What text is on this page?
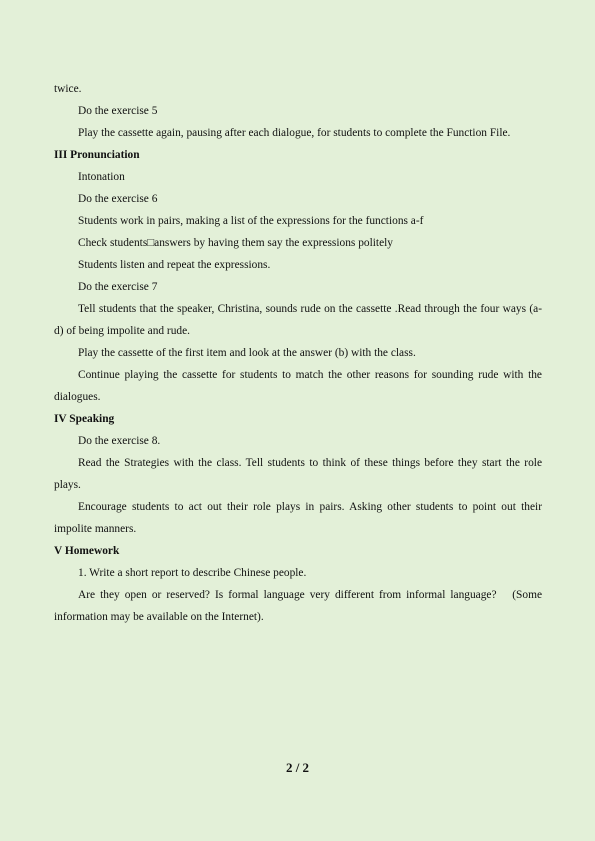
twice.

Do the exercise 5

Play the cassette again, pausing after each dialogue, for students to complete the Function File.

III Pronunciation

Intonation

Do the exercise 6

Students work in pairs, making a list of the expressions for the functions a-f

Check students□answers by having them say the expressions politely

Students listen and repeat the expressions.

Do the exercise 7

Tell students that the speaker, Christina, sounds rude on the cassette .Read through the four ways (a-d) of being impolite and rude.

Play the cassette of the first item and look at the answer (b) with the class.

Continue playing the cassette for students to match the other reasons for sounding rude with the dialogues.

IV Speaking

Do the exercise 8.

Read the Strategies with the class. Tell students to think of these things before they start the role plays.

Encourage students to act out their role plays in pairs. Asking other students to point out their impolite manners.

V Homework

1. Write a short report to describe Chinese people.

Are they open or reserved? Is formal language very different from informal language?　(Some information may be available on the Internet).

2 / 2
